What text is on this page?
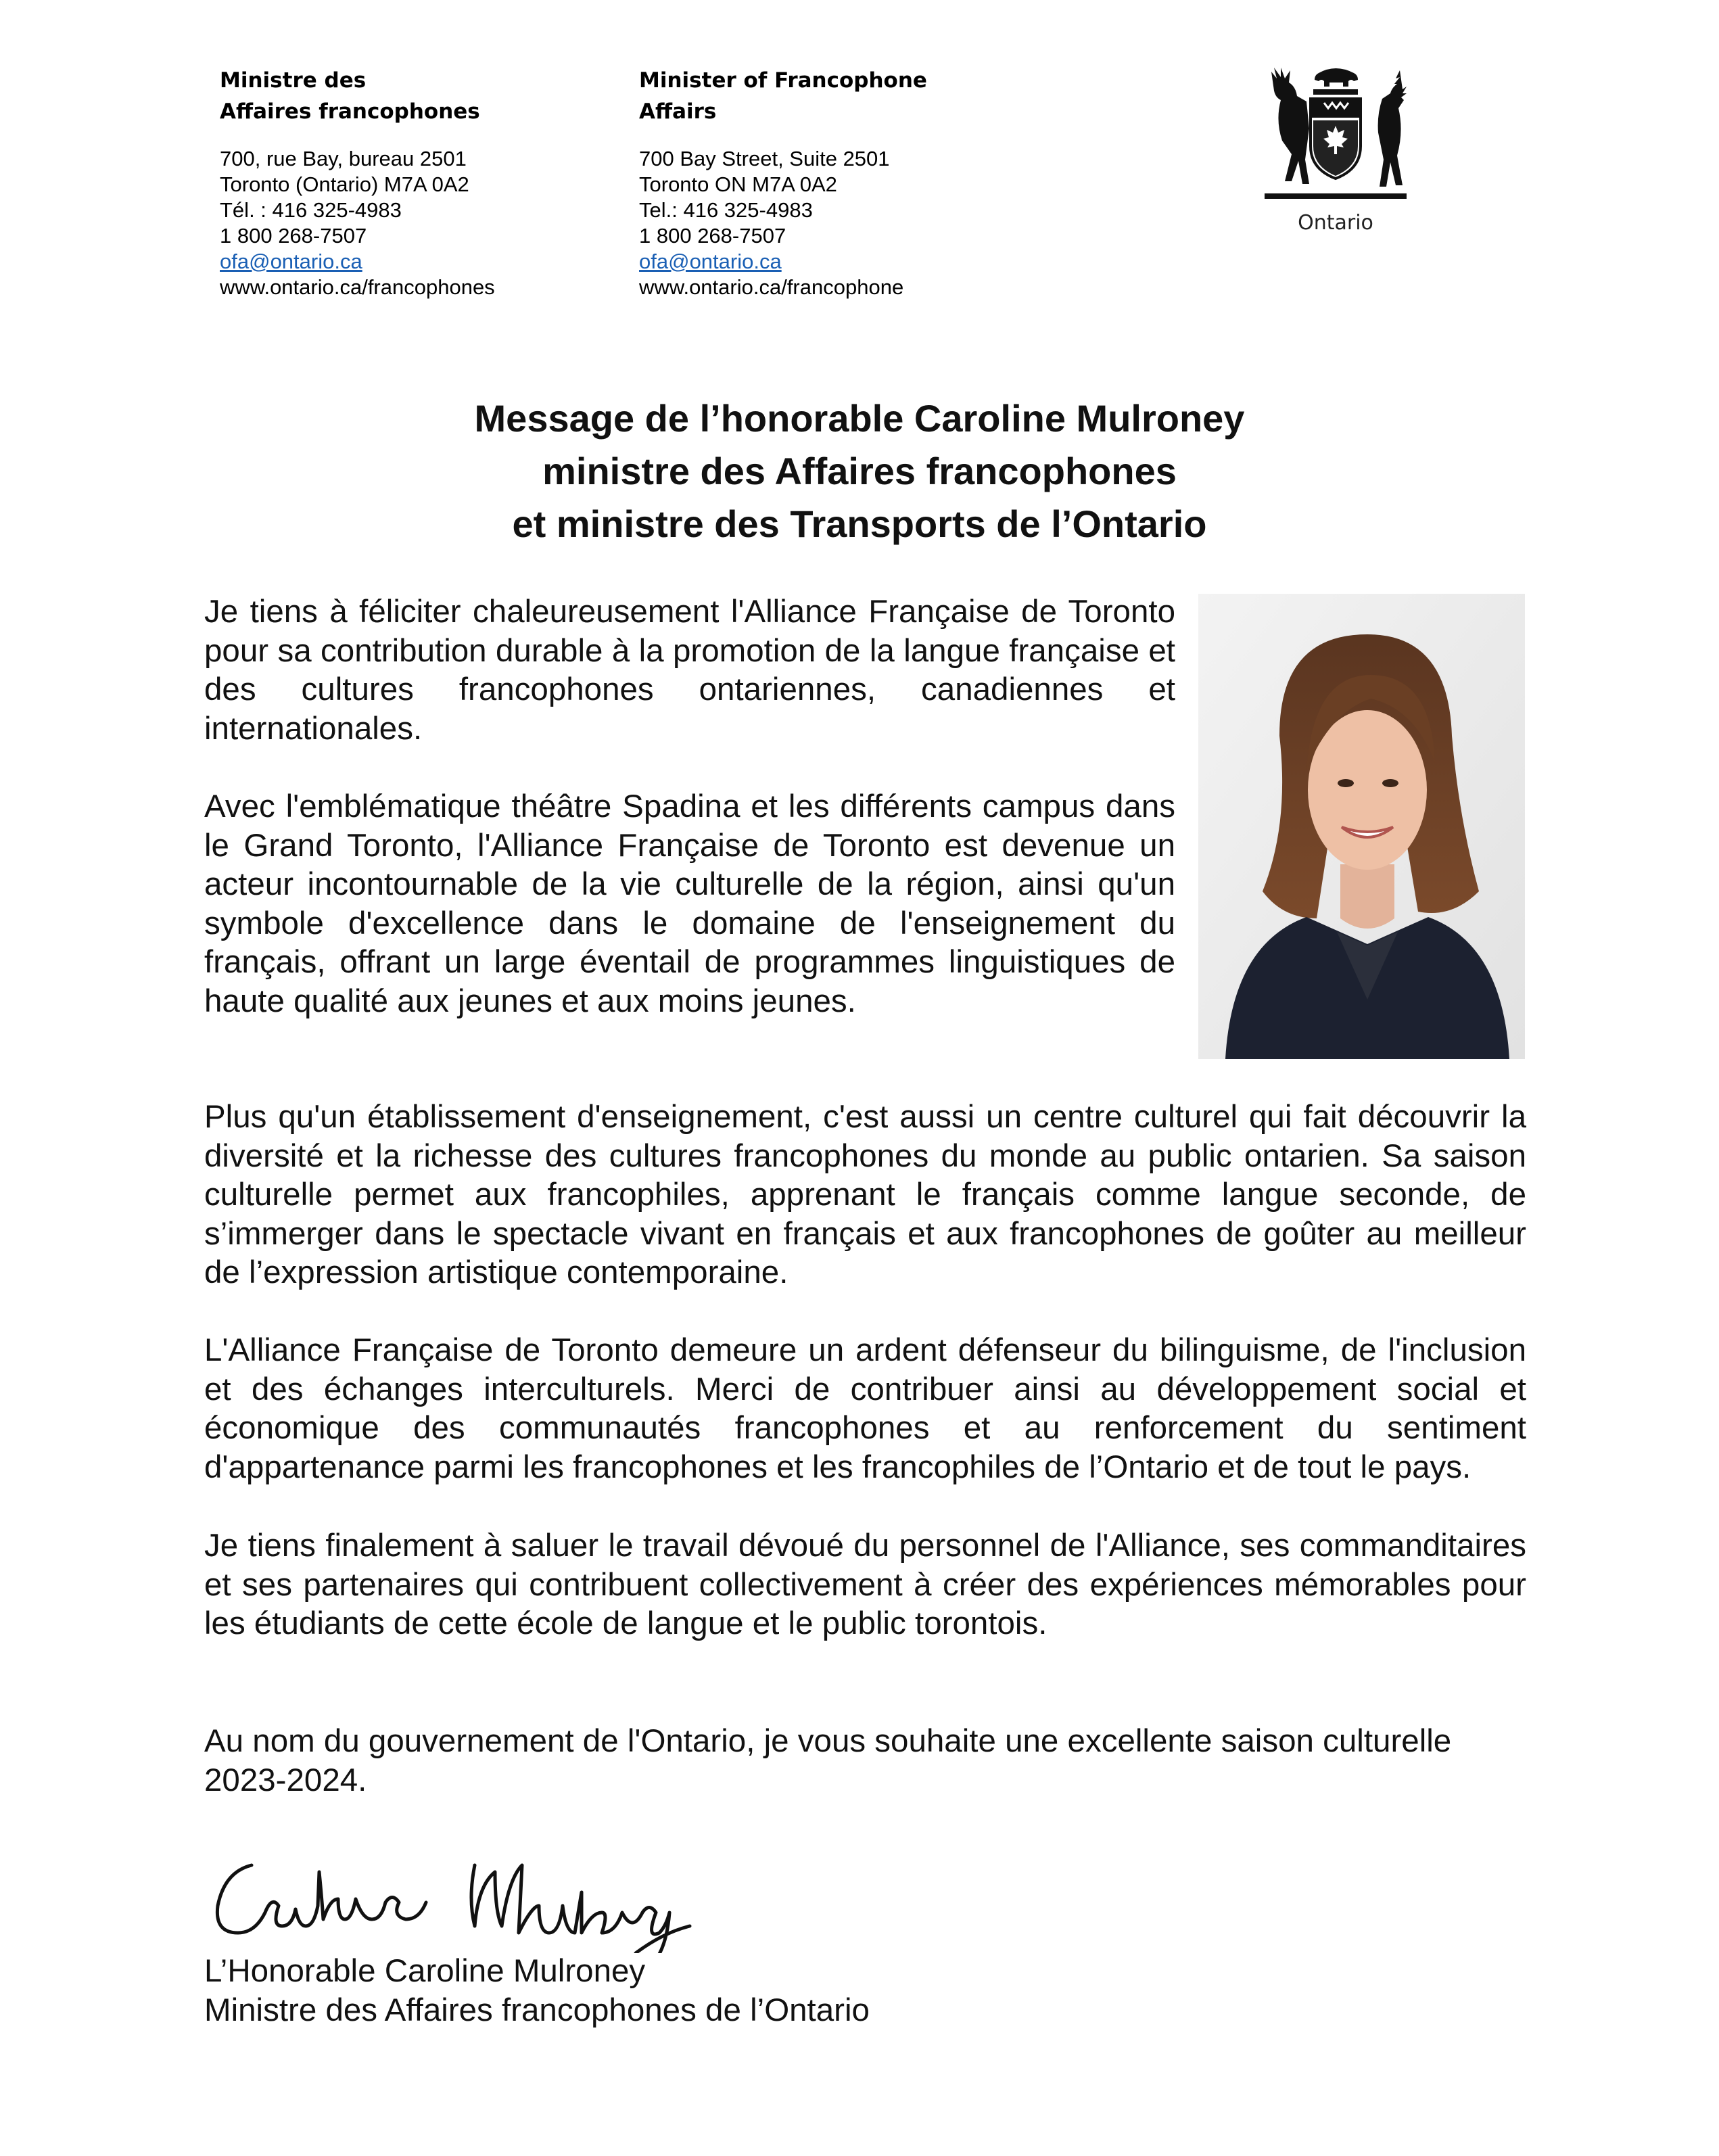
Ministre des
Affaires francophones
700, rue Bay, bureau 2501
Toronto (Ontario) M7A 0A2
Tél. : 416 325-4983
1 800 268-7507
ofa@ontario.ca
www.ontario.ca/francophones
Minister of Francophone
Affairs
700 Bay Street, Suite 2501
Toronto ON M7A 0A2
Tel.: 416 325-4983
1 800 268-7507
ofa@ontario.ca
www.ontario.ca/francophone
Ontario
Message de l’honorable Caroline Mulroney
ministre des Affaires francophones
et ministre des Transports de l’Ontario

Je tiens à féliciter chaleureusement l'Alliance Française de Toronto pour sa contribution durable à la promotion de la langue française et des cultures francophones ontariennes, canadiennes et internationales.

Avec l'emblématique théâtre Spadina et les différents campus dans le Grand Toronto, l'Alliance Française de Toronto est devenue un acteur incontournable de la vie culturelle de la région, ainsi qu'un symbole d'excellence dans le domaine de l'enseignement du français, offrant un large éventail de programmes linguistiques de haute qualité aux jeunes et aux moins jeunes.

Plus qu'un établissement d'enseignement, c'est aussi un centre culturel qui fait découvrir la diversité et la richesse des cultures francophones du monde au public ontarien. Sa saison culturelle permet aux francophiles, apprenant le français comme langue seconde, de s’immerger dans le spectacle vivant en français et aux francophones de goûter au meilleur de l’expression artistique contemporaine.

L'Alliance Française de Toronto demeure un ardent défenseur du bilinguisme, de l'inclusion et des échanges interculturels. Merci de contribuer ainsi au développement social et économique des communautés francophones et au renforcement du sentiment d'appartenance parmi les francophones et les francophiles de l’Ontario et de tout le pays.

Je tiens finalement à saluer le travail dévoué du personnel de l'Alliance, ses commanditaires et ses partenaires qui contribuent collectivement à créer des expériences mémorables pour les étudiants de cette école de langue et le public torontois.

Au nom du gouvernement de l'Ontario, je vous souhaite une excellente saison culturelle
2023-2024.
L’Honorable Caroline Mulroney
Ministre des Affaires francophones de l’Ontario
